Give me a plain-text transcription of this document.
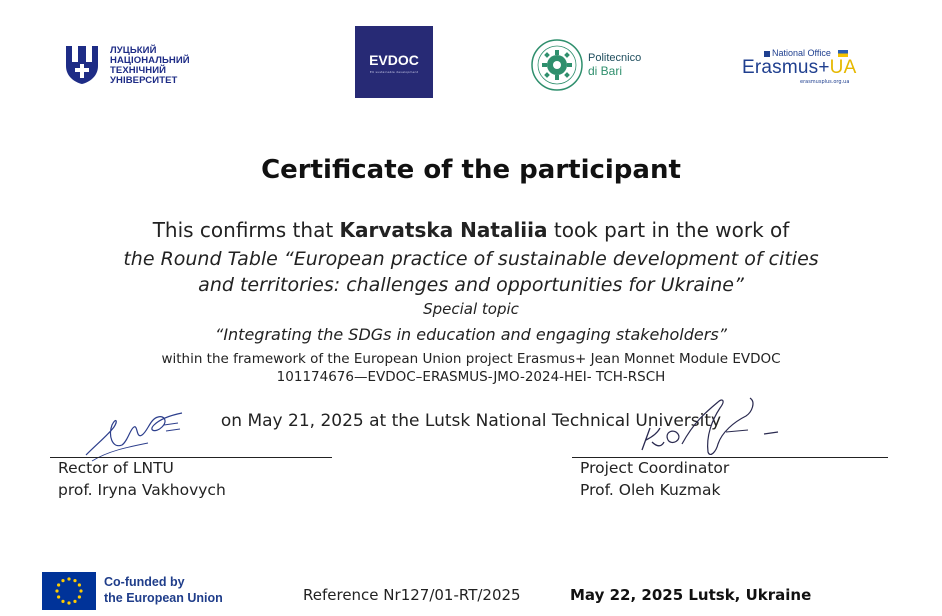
ЛУЦЬКИЙ
НАЦІОНАЛЬНИЙ
ТЕХНІЧНИЙ
УНІВЕРСИТЕТ
EVDOC
EU sustainable development
Politecnico
di Bari
National Office
Erasmus+UA
erasmusplus.org.ua
Certificate of the participant
This confirms that Karvatska Nataliia took part in the work of
the Round Table “European practice of sustainable development of cities
and territories: challenges and opportunities for Ukraine”
Special topic
“Integrating the SDGs in education and engaging stakeholders”
within the framework of the European Union project Erasmus+ Jean Monnet Module EVDOC
101174676—EVDOC–ERASMUS-JMO-2024-HEI- TCH-RSCH
on May 21, 2025 at the Lutsk National Technical University
Rector of LNTU
prof. Iryna Vakhovych
Project Coordinator
Prof. Oleh Kuzmak
Co-funded by
the European Union	Reference Nr127/01-RT/2025	May 22, 2025 Lutsk, Ukraine
